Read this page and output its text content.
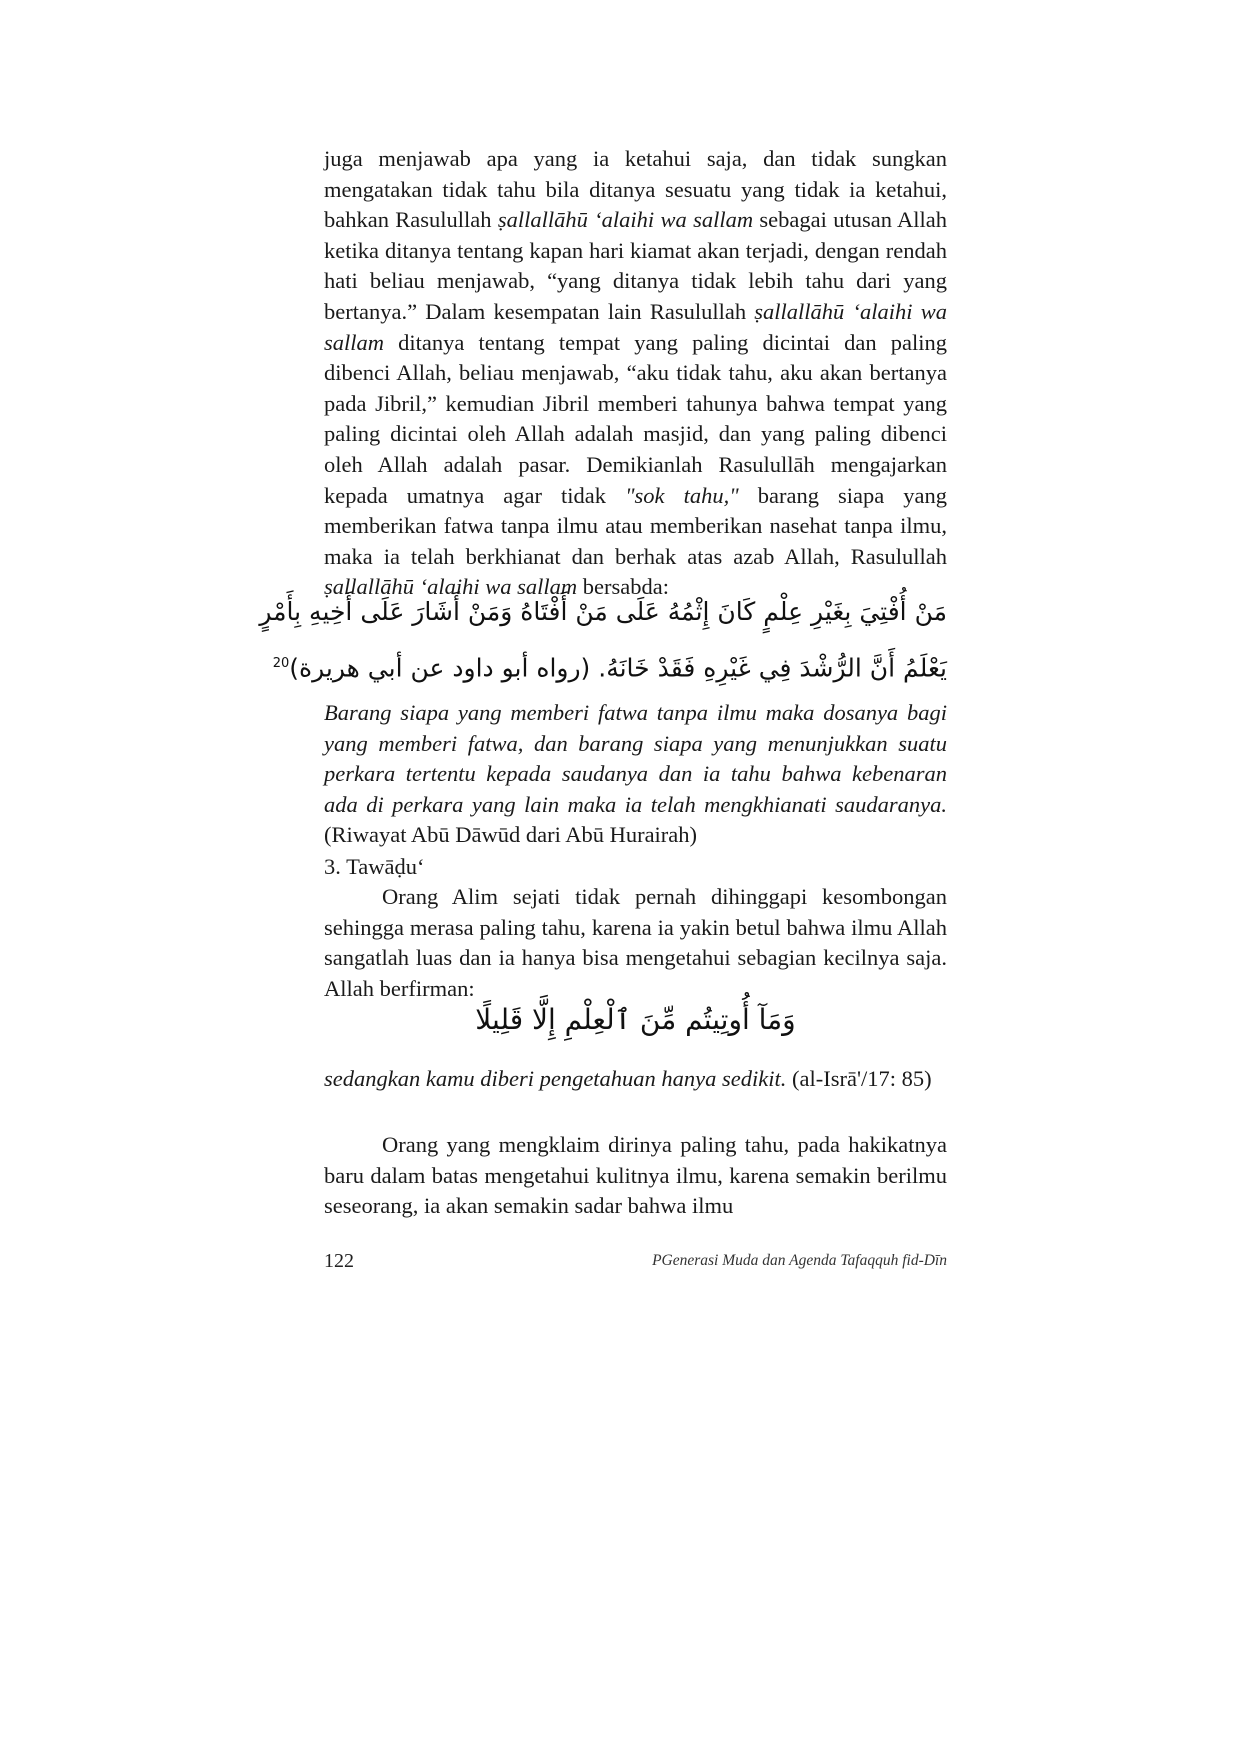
juga menjawab apa yang ia ketahui saja, dan tidak sungkan mengatakan tidak tahu bila ditanya sesuatu yang tidak ia ketahui, bahkan Rasulullah ṣallallāhū ‘alaihi wa sallam sebagai utusan Allah ketika ditanya tentang kapan hari kiamat akan terjadi, dengan rendah hati beliau menjawab, “yang ditanya tidak lebih tahu dari yang bertanya.” Dalam kesempatan lain Rasulullah ṣallallāhū ‘alaihi wa sallam ditanya tentang tempat yang paling dicintai dan paling dibenci Allah, beliau menjawab, “aku tidak tahu, aku akan bertanya pada Jibril,” kemudian Jibril memberi tahunya bahwa tempat yang paling dicintai oleh Allah adalah masjid, dan yang paling dibenci oleh Allah adalah pasar. Demikianlah Rasulullāh mengajarkan kepada umatnya agar tidak "sok tahu," barang siapa yang memberikan fatwa tanpa ilmu atau memberikan nasehat tanpa ilmu, maka ia telah berkhianat dan berhak atas azab Allah, Rasulullah ṣallallāhū ‘alaihi wa sallam bersabda:
مَنْ أُفْتِيَ بِغَيْرِ عِلْمٍ كَانَ إِثْمُهُ عَلَى مَنْ أَفْتَاهُ وَمَنْ أَشَارَ عَلَى أَخِيهِ بِأَمْرٍ
يَعْلَمُ أَنَّ الرُّشْدَ فِي غَيْرِهِ فَقَدْ خَانَهُ. (رواه أبو داود عن أبي هريرة)$^{20}$
Barang siapa yang memberi fatwa tanpa ilmu maka dosanya bagi yang memberi fatwa, dan barang siapa yang menunjukkan suatu perkara tertentu kepada saudanya dan ia tahu bahwa kebenaran ada di perkara yang lain maka ia telah mengkhianati saudaranya. (Riwayat Abū Dāwūd dari Abū Hurairah)
3. Tawāḍu‘
Orang Alim sejati tidak pernah dihinggapi kesombongan sehingga merasa paling tahu, karena ia yakin betul bahwa ilmu Allah sangatlah luas dan ia hanya bisa mengetahui sebagian kecilnya saja. Allah berfirman:
وَمَآ أُوتِيتُم مِّنَ ٱلْعِلْمِ إِلَّا قَلِيلًا
sedangkan kamu diberi pengetahuan hanya sedikit. (al-Isrā'/17: 85)
Orang yang mengklaim dirinya paling tahu, pada hakikatnya baru dalam batas mengetahui kulitnya ilmu, karena semakin berilmu seseorang, ia akan semakin sadar bahwa ilmu
122	PGenerasi Muda dan Agenda Tafaqquh fid-Dīn
